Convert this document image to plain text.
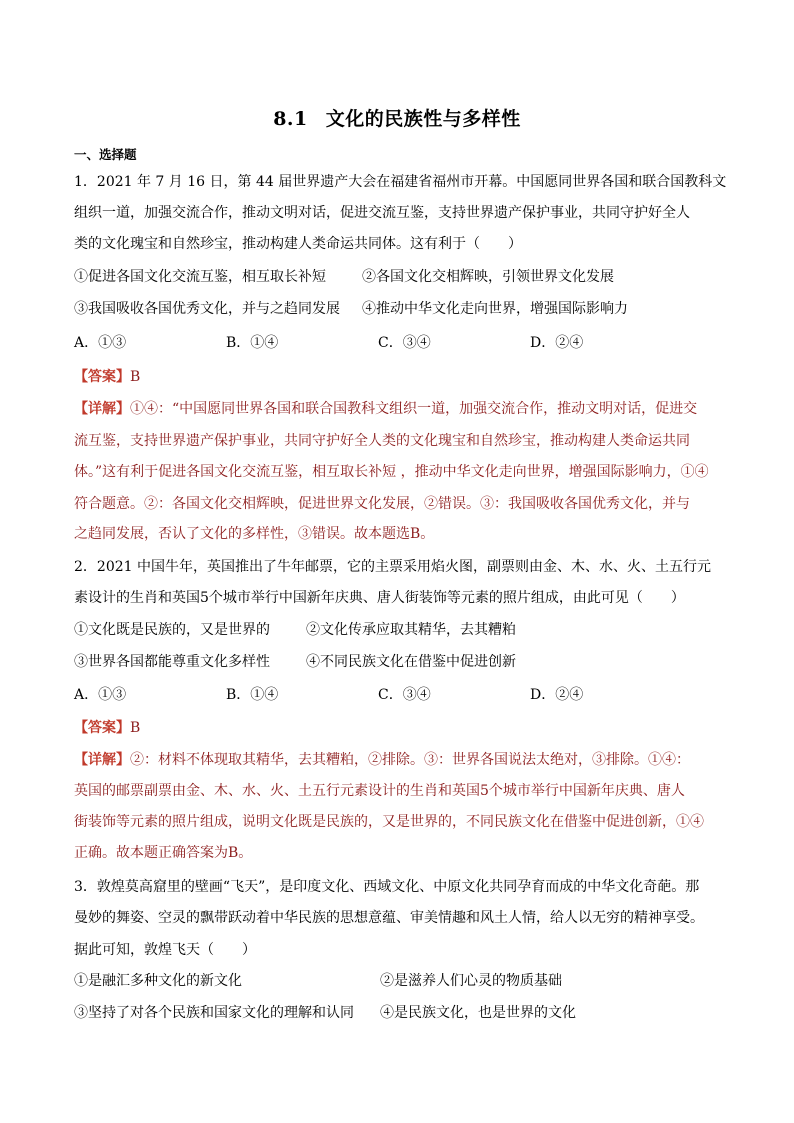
8.1 文化的民族性与多样性
一、选择题
1．2021 年 7 月 16 日，第 44 届世界遗产大会在福建省福州市开幕。中国愿同世界各国和联合国教科文
组织一道，加强交流合作，推动文明对话，促进交流互鉴，支持世界遗产保护事业，共同守护好全人
类的文化瑰宝和自然珍宝，推动构建人类命运共同体。这有利于（　　）
①促进各国文化交流互鉴，相互取长补短	②各国文化交相辉映，引领世界文化发展
③我国吸收各国优秀文化，并与之趋同发展 ④推动中华文化走向世界，增强国际影响力
A．①③	B．①④	C．③④	D．②④
【答案】B
【详解】①④：“中国愿同世界各国和联合国教科文组织一道，加强交流合作，推动文明对话，促进交
流互鉴，支持世界遗产保护事业，共同守护好全人类的文化瑰宝和自然珍宝，推动构建人类命运共同
体。”这有利于促进各国文化交流互鉴，相互取长补短 ，推动中华文化走向世界，增强国际影响力，①④
符合题意。②：各国文化交相辉映，促进世界文化发展，②错误。③：我国吸收各国优秀文化，并与
之趋同发展，否认了文化的多样性，③错误。故本题选B。
2．2021 中国牛年，英国推出了牛年邮票，它的主票采用焰火图，副票则由金、木、水、火、土五行元
素设计的生肖和英国5个城市举行中国新年庆典、唐人街装饰等元素的照片组成，由此可见（　　）
①文化既是民族的，又是世界的	②文化传承应取其精华，去其糟粕
③世界各国都能尊重文化多样性	④不同民族文化在借鉴中促进创新
A．①③	B．①④	C．③④	D．②④
【答案】B
【详解】②：材料不体现取其精华，去其糟粕，②排除。③：世界各国说法太绝对，③排除。①④：
英国的邮票副票由金、木、水、火、土五行元素设计的生肖和英国5个城市举行中国新年庆典、唐人
街装饰等元素的照片组成，说明文化既是民族的，又是世界的，不同民族文化在借鉴中促进创新，①④
正确。故本题正确答案为B。
3．敦煌莫高窟里的壁画“飞天”，是印度文化、西域文化、中原文化共同孕育而成的中华文化奇葩。那
曼妙的舞姿、空灵的飘带跃动着中华民族的思想意蕴、审美情趣和风土人情，给人以无穷的精神享受。
据此可知，敦煌飞天（　　）
①是融汇多种文化的新文化	②是滋养人们心灵的物质基础
③坚持了对各个民族和国家文化的理解和认同 ④是民族文化，也是世界的文化
